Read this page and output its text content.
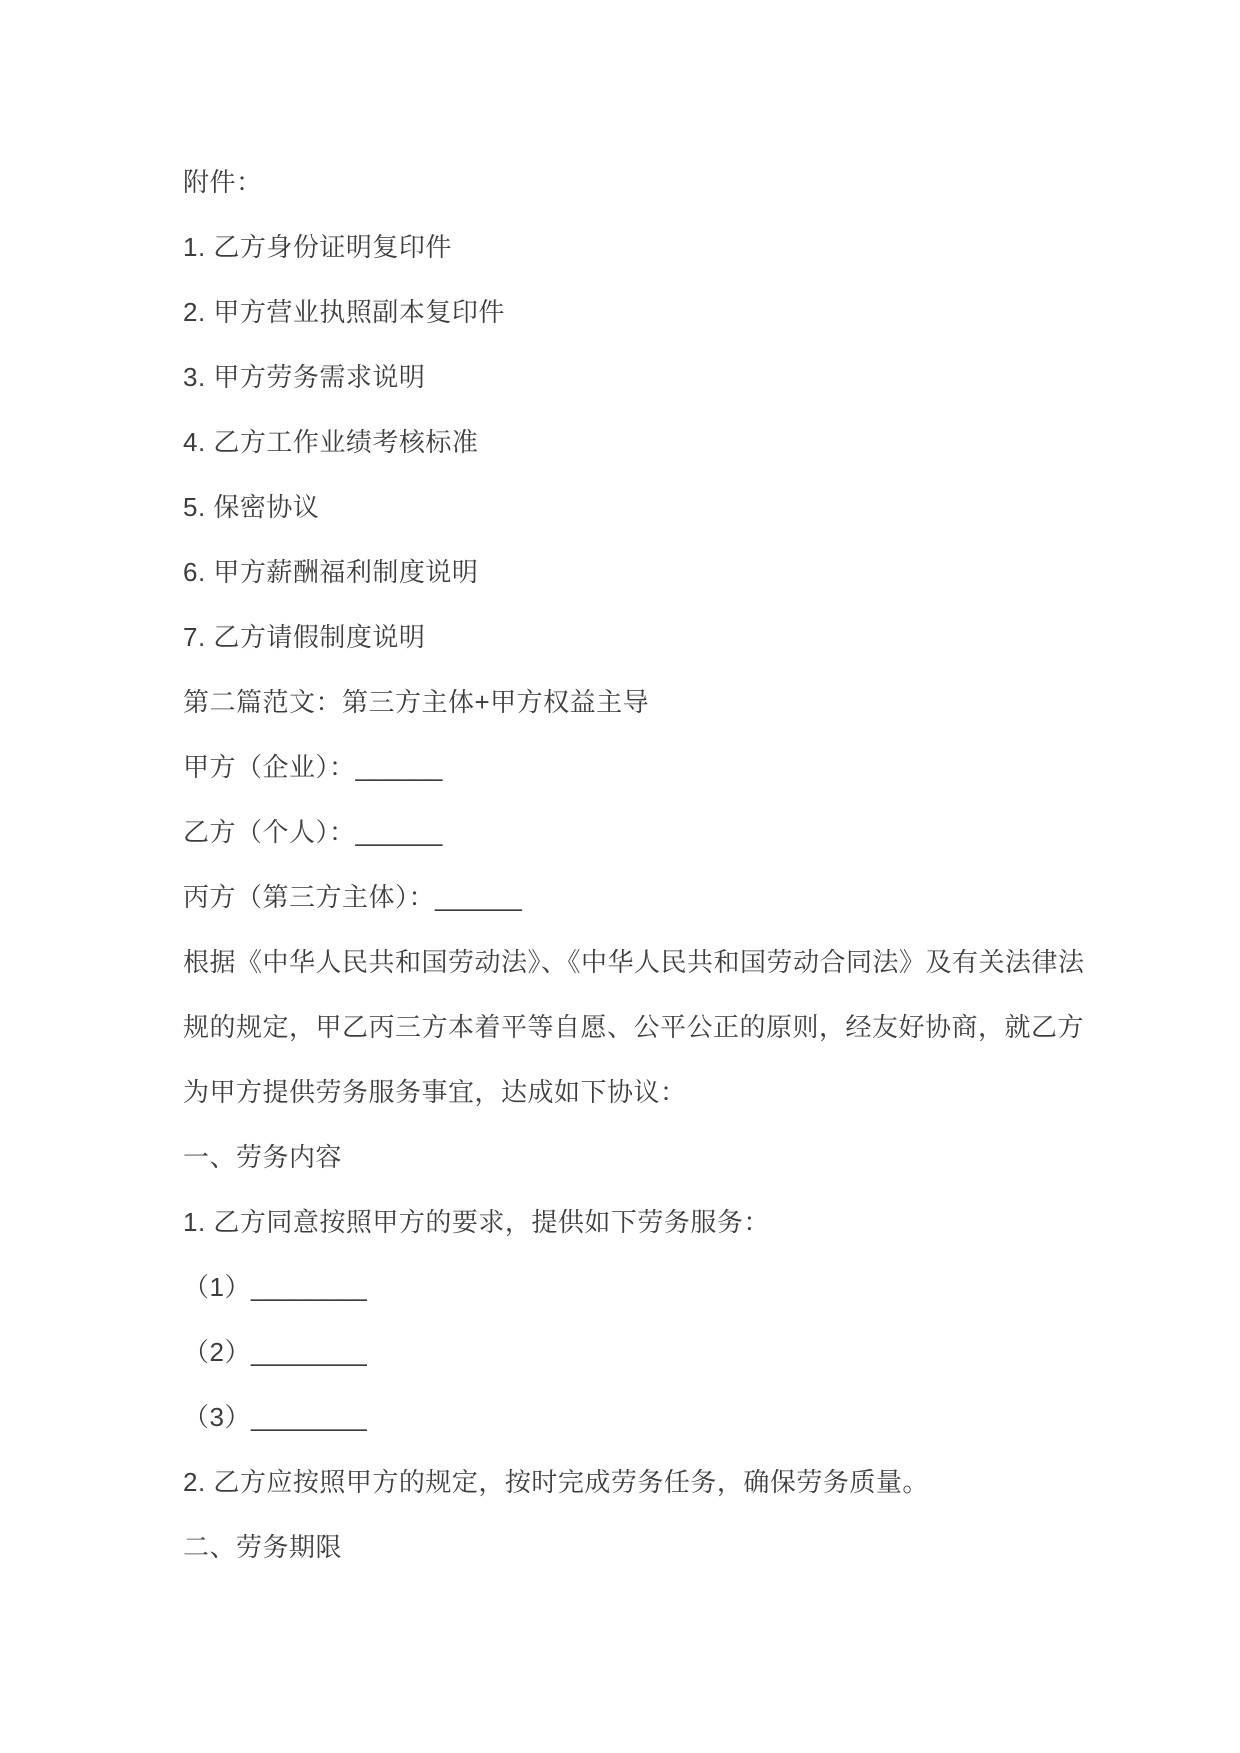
附件：
1. 乙方身份证明复印件
2. 甲方营业执照副本复印件
3. 甲方劳务需求说明
4. 乙方工作业绩考核标准
5. 保密协议
6. 甲方薪酬福利制度说明
7. 乙方请假制度说明
第二篇范文：第三方主体+甲方权益主导
甲方（企业）：______
乙方（个人）：______
丙方（第三方主体）：______
根据《中华人民共和国劳动法》、《中华人民共和国劳动合同法》及有关法律法
规的规定，甲乙丙三方本着平等自愿、公平公正的原则，经友好协商，就乙方
为甲方提供劳务服务事宜，达成如下协议：
一、劳务内容
1. 乙方同意按照甲方的要求，提供如下劳务服务：
（1）________
（2）________
（3）________
2. 乙方应按照甲方的规定，按时完成劳务任务，确保劳务质量。
二、劳务期限
